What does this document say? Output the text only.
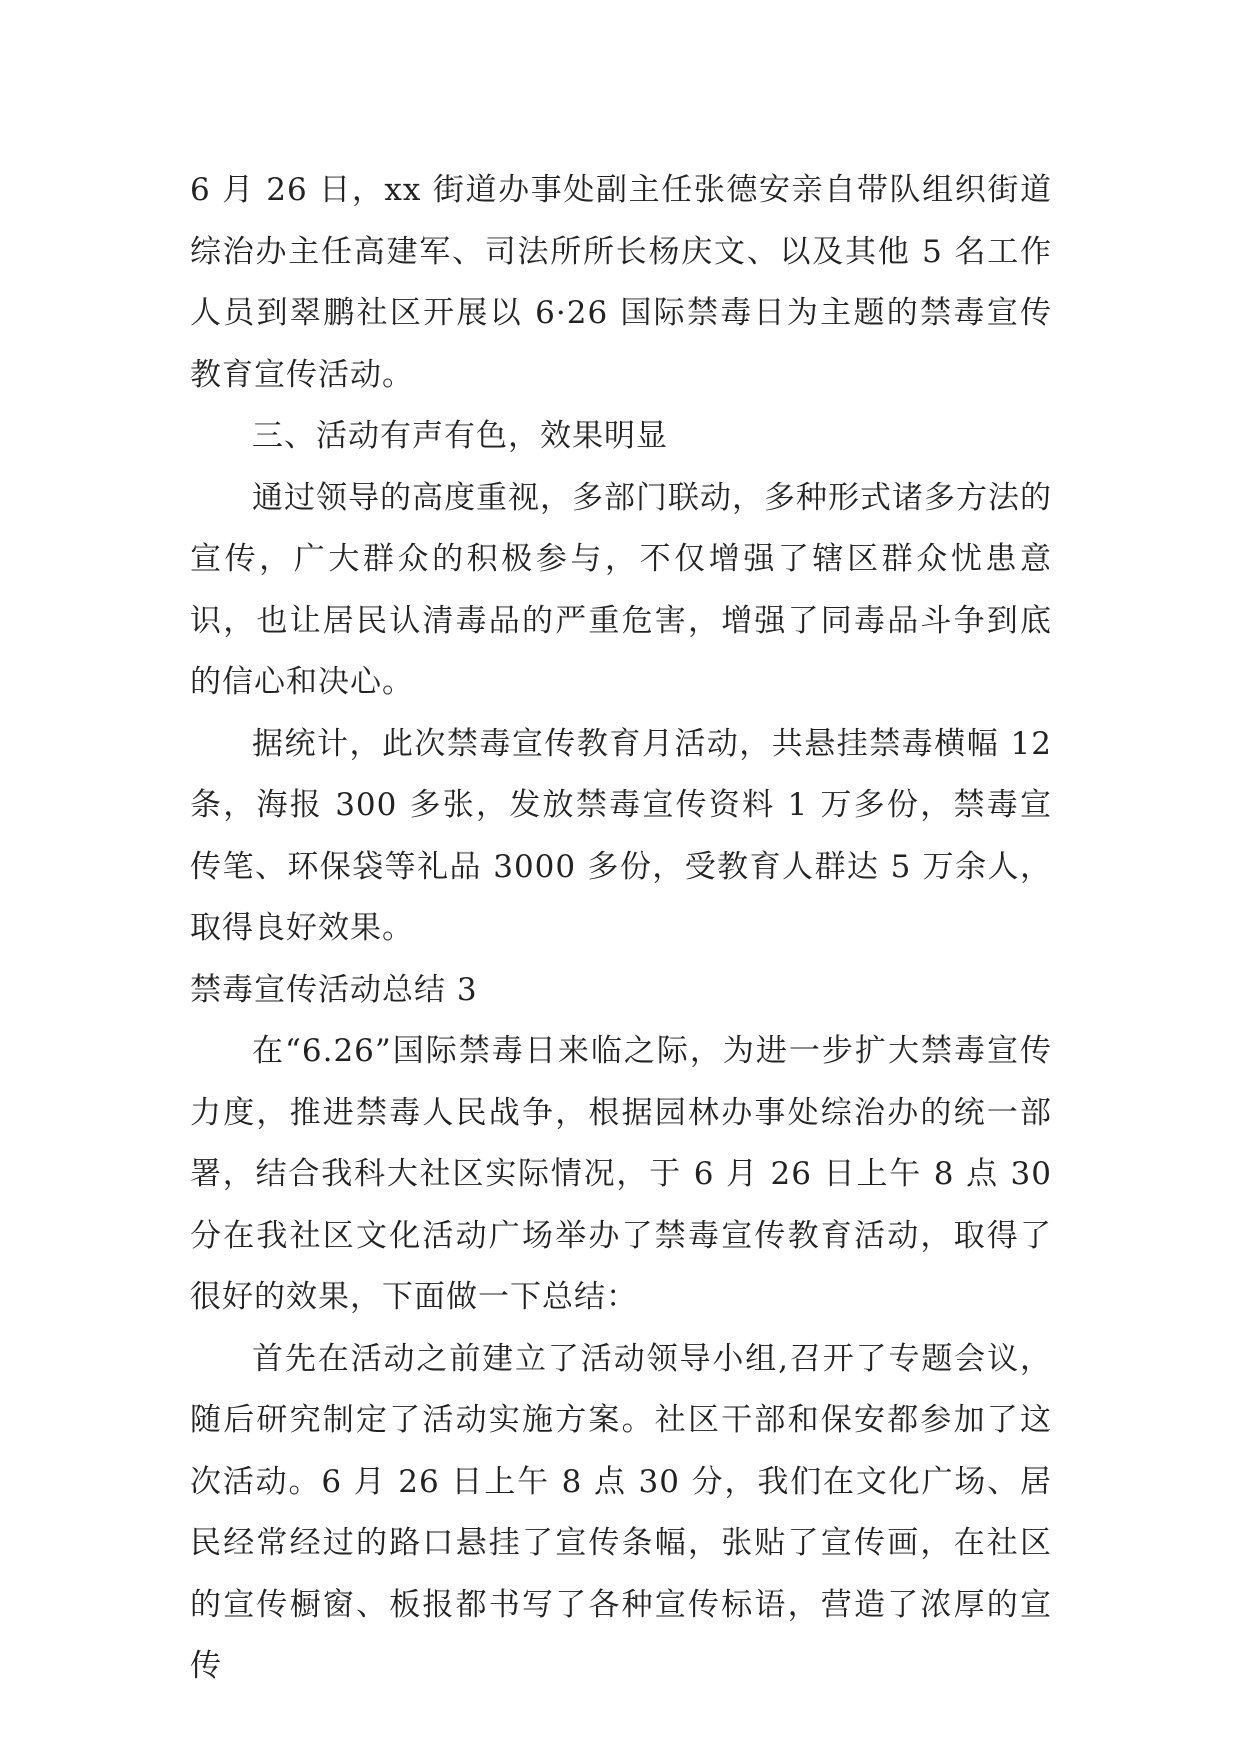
6 月 26 日，xx 街道办事处副主任张德安亲自带队组织街道综治办主任高建军、司法所所长杨庆文、以及其他 5 名工作人员到翠鹏社区开展以 6·26 国际禁毒日为主题的禁毒宣传教育宣传活动。

三、活动有声有色，效果明显

通过领导的高度重视，多部门联动，多种形式诸多方法的宣传，广大群众的积极参与，不仅增强了辖区群众忧患意识，也让居民认清毒品的严重危害，增强了同毒品斗争到底的信心和决心。

据统计，此次禁毒宣传教育月活动，共悬挂禁毒横幅 12 条，海报 300 多张，发放禁毒宣传资料 1 万多份，禁毒宣传笔、环保袋等礼品 3000 多份，受教育人群达 5 万余人，取得良好效果。

禁毒宣传活动总结 3

在“6.26”国际禁毒日来临之际，为进一步扩大禁毒宣传力度，推进禁毒人民战争，根据园林办事处综治办的统一部署，结合我科大社区实际情况，于 6 月 26 日上午 8 点 30 分在我社区文化活动广场举办了禁毒宣传教育活动，取得了很好的效果，下面做一下总结：

首先在活动之前建立了活动领导小组,召开了专题会议，随后研究制定了活动实施方案。社区干部和保安都参加了这次活动。6 月 26 日上午 8 点 30 分，我们在文化广场、居民经常经过的路口悬挂了宣传条幅，张贴了宣传画，在社区的宣传橱窗、板报都书写了各种宣传标语，营造了浓厚的宣传
